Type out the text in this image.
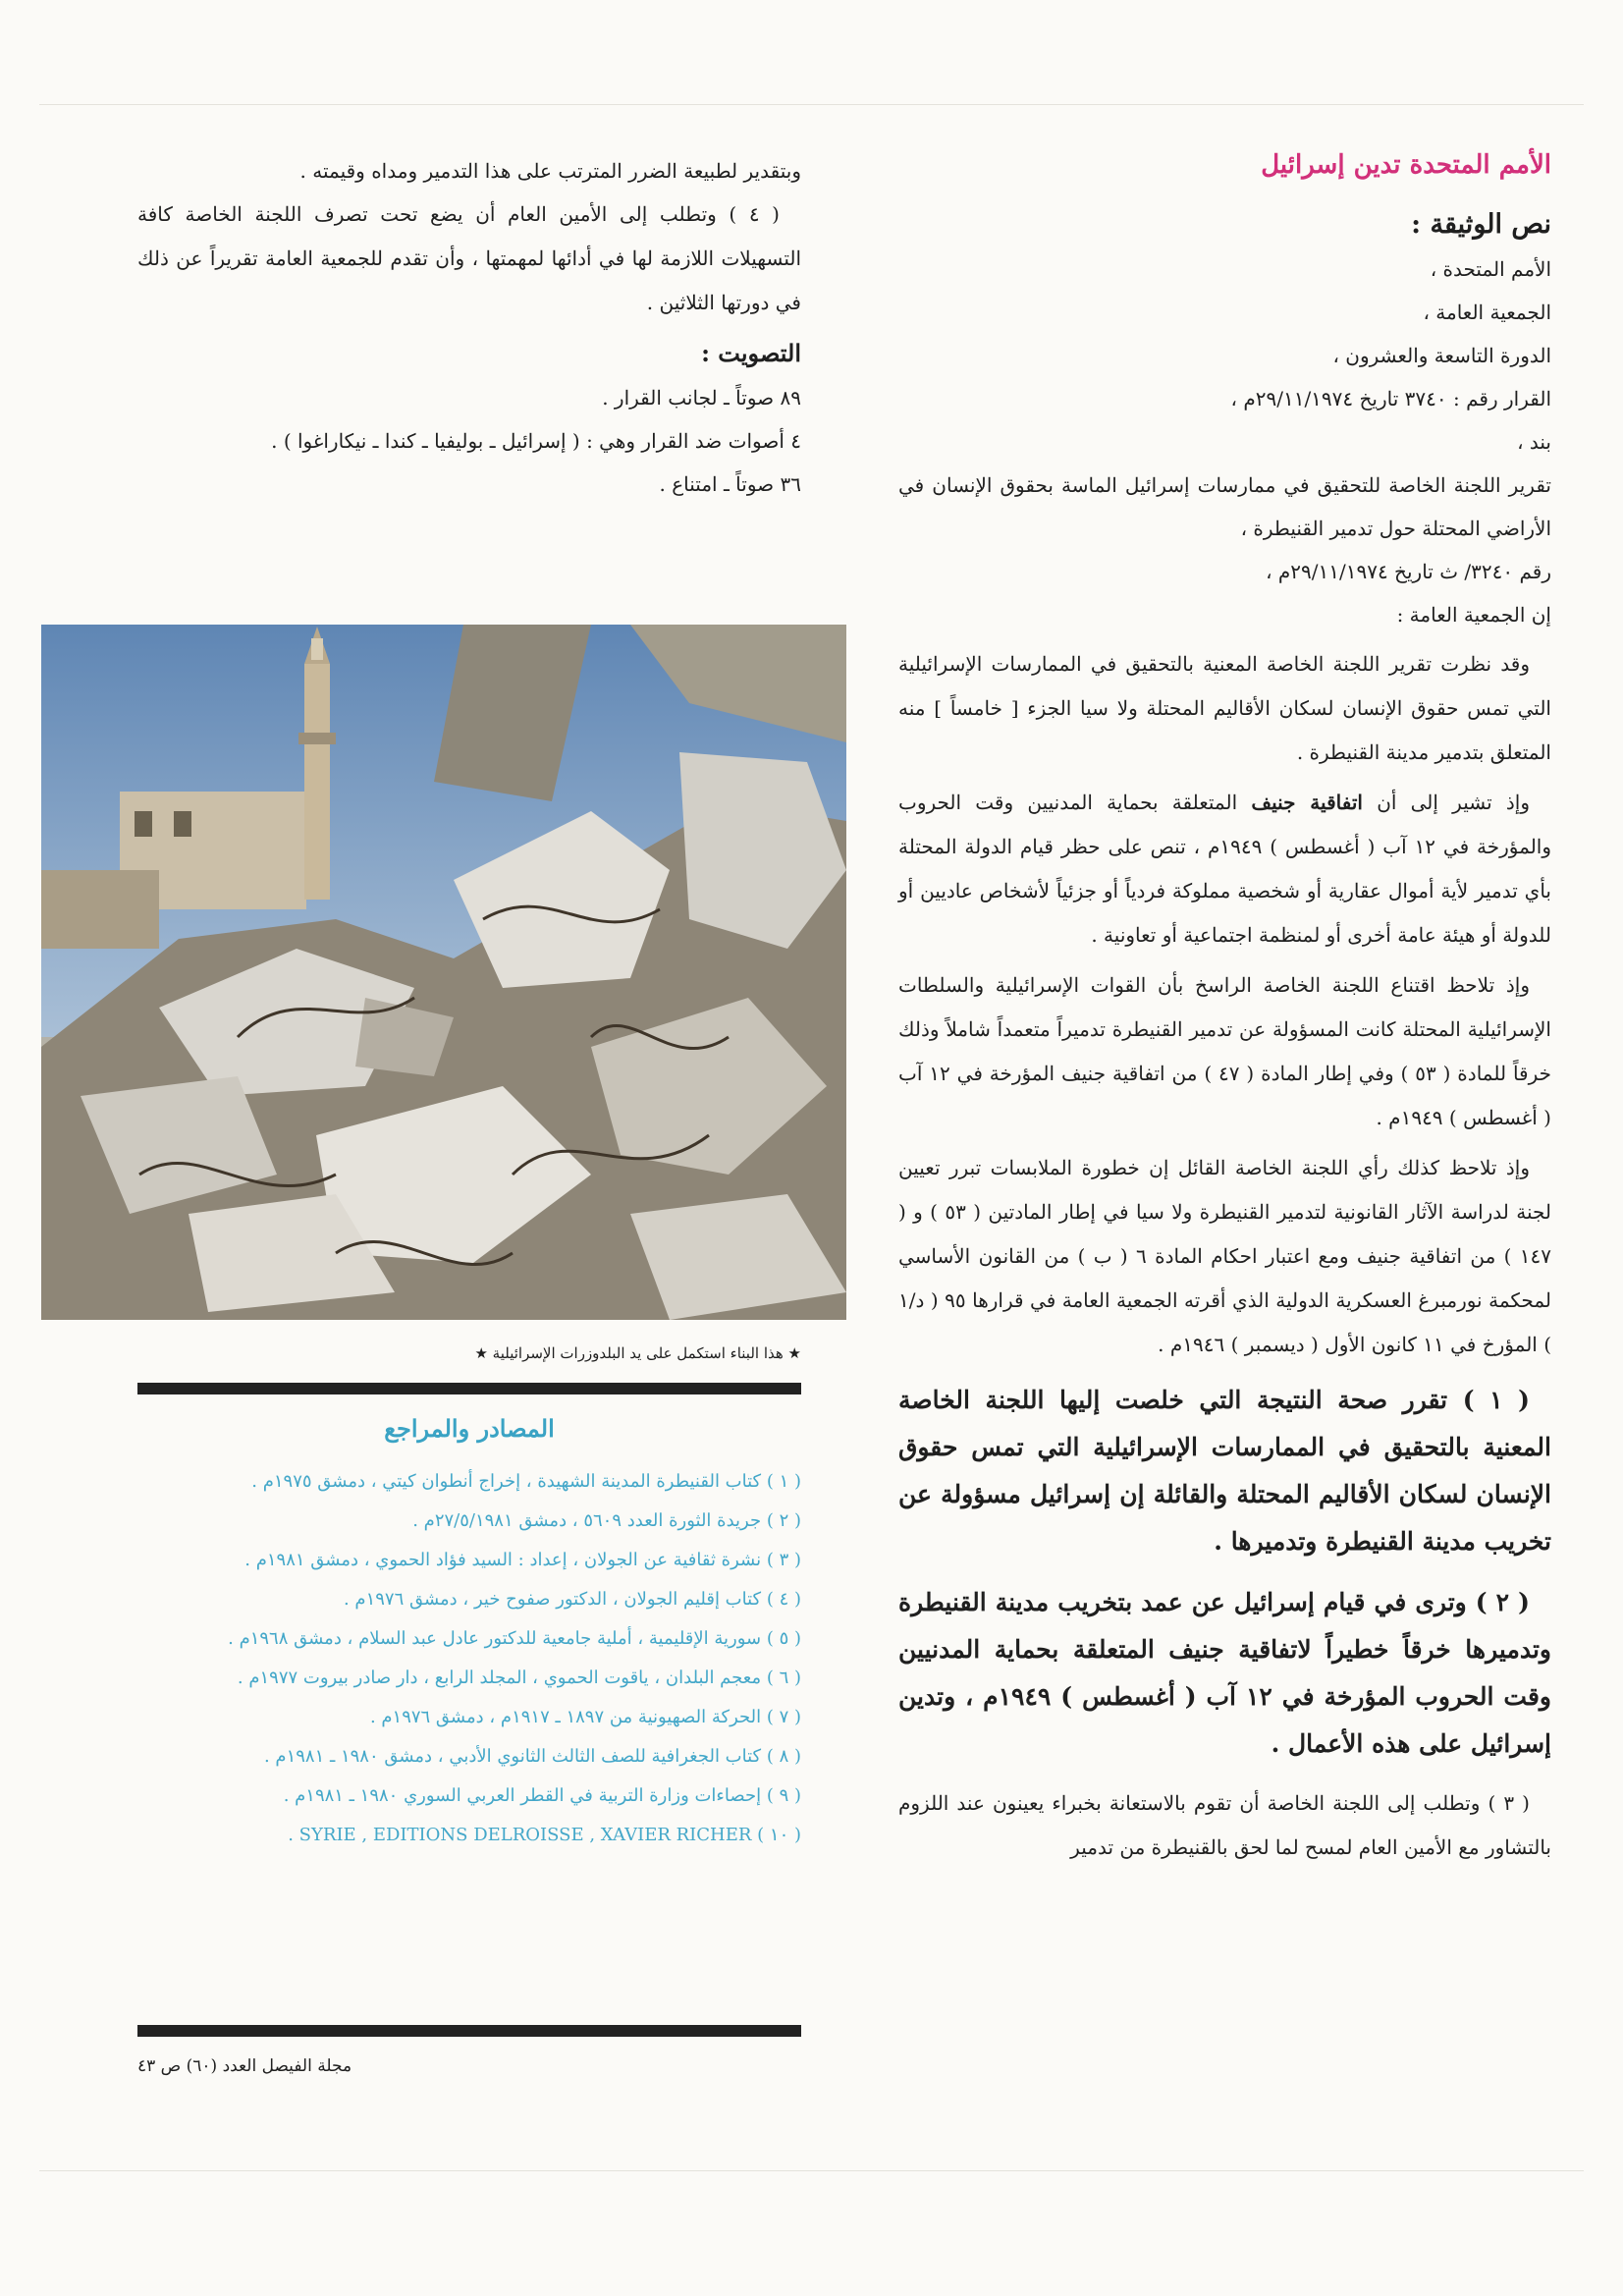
الأمم المتحدة تدين إسرائيل

نص الوثيقة :

الأمم المتحدة ،

الجمعية العامة ،

الدورة التاسعة والعشرون ،

القرار رقم : ٣٧٤٠ تاريخ ٢٩/١١/١٩٧٤م ،

بند ،

تقرير اللجنة الخاصة للتحقيق في ممارسات إسرائيل الماسة بحقوق الإنسان في الأراضي المحتلة حول تدمير القنيطرة ،

رقم ٣٢٤٠/ ث تاريخ ٢٩/١١/١٩٧٤م ،

إن الجمعية العامة :

وقد نظرت تقرير اللجنة الخاصة المعنية بالتحقيق في الممارسات الإسرائيلية التي تمس حقوق الإنسان لسكان الأقاليم المحتلة ولا سيا الجزء [ خامساً ] منه المتعلق بتدمير مدينة القنيطرة .

وإذ تشير إلى أن اتفاقية جنيف المتعلقة بحماية المدنيين وقت الحروب والمؤرخة في ١٢ آب ( أغسطس ) ١٩٤٩م ، تنص على حظر قيام الدولة المحتلة بأي تدمير لأية أموال عقارية أو شخصية مملوكة فردياً أو جزئياً لأشخاص عاديين أو للدولة أو هيئة عامة أخرى أو لمنظمة اجتماعية أو تعاونية .

وإذ تلاحظ اقتناع اللجنة الخاصة الراسخ بأن القوات الإسرائيلية والسلطات الإسرائيلية المحتلة كانت المسؤولة عن تدمير القنيطرة تدميراً متعمداً شاملاً وذلك خرقاً للمادة ( ٥٣ ) وفي إطار المادة ( ٤٧ ) من اتفاقية جنيف المؤرخة في ١٢ آب ( أغسطس ) ١٩٤٩م .

وإذ تلاحظ كذلك رأي اللجنة الخاصة القائل إن خطورة الملابسات تبرر تعيين لجنة لدراسة الآثار القانونية لتدمير القنيطرة ولا سيا في إطار المادتين ( ٥٣ ) و ( ١٤٧ ) من اتفاقية جنيف ومع اعتبار احكام المادة ٦ ( ب ) من القانون الأساسي لمحكمة نورمبرغ العسكرية الدولية الذي أقرته الجمعية العامة في قرارها ٩٥ ( د/١ ) المؤرخ في ١١ كانون الأول ( ديسمبر ) ١٩٤٦م .

( ١ ) تقرر صحة النتيجة التي خلصت إليها اللجنة الخاصة المعنية بالتحقيق في الممارسات الإسرائيلية التي تمس حقوق الإنسان لسكان الأقاليم المحتلة والقائلة إن إسرائيل مسؤولة عن تخريب مدينة القنيطرة وتدميرها .

( ٢ ) وترى في قيام إسرائيل عن عمد بتخريب مدينة القنيطرة وتدميرها خرقاً خطيراً لاتفاقية جنيف المتعلقة بحماية المدنيين وقت الحروب المؤرخة في ١٢ آب ( أغسطس ) ١٩٤٩م ، وتدين إسرائيل على هذه الأعمال .

( ٣ ) وتطلب إلى اللجنة الخاصة أن تقوم بالاستعانة بخبراء يعينون عند اللزوم بالتشاور مع الأمين العام لمسح لما لحق بالقنيطرة من تدمير

وبتقدير لطبيعة الضرر المترتب على هذا التدمير ومداه وقيمته .

( ٤ ) وتطلب إلى الأمين العام أن يضع تحت تصرف اللجنة الخاصة كافة التسهيلات اللازمة لها في أدائها لمهمتها ، وأن تقدم للجمعية العامة تقريراً عن ذلك في دورتها الثلاثين .

التصويت :

٨٩ صوتاً ـ لجانب القرار .

٤ أصوات ضد القرار وهي : ( إسرائيل ـ بوليفيا ـ كندا ـ نيكاراغوا ) .

٣٦ صوتاً ـ امتناع .

★ هذا البناء استكمل على يد البلدوزرات الإسرائيلية ★

المصادر والمراجع

( ١ ) كتاب القنيطرة المدينة الشهيدة ، إخراج أنطوان كيتي ، دمشق ١٩٧٥م .
( ٢ ) جريدة الثورة العدد ٥٦٠٩ ، دمشق ٢٧/٥/١٩٨١م .
( ٣ ) نشرة ثقافية عن الجولان ، إعداد : السيد فؤاد الحموي ، دمشق ١٩٨١م .
( ٤ ) كتاب إقليم الجولان ، الدكتور صفوح خير ، دمشق ١٩٧٦م .
( ٥ ) سورية الإقليمية ، أملية جامعية للدكتور عادل عبد السلام ، دمشق ١٩٦٨م .
( ٦ ) معجم البلدان ، ياقوت الحموي ، المجلد الرابع ، دار صادر بيروت ١٩٧٧م .
( ٧ ) الحركة الصهيونية من ١٨٩٧ ـ ١٩١٧م ، دمشق ١٩٧٦م .
( ٨ ) كتاب الجغرافية للصف الثالث الثانوي الأدبي ، دمشق ١٩٨٠ ـ ١٩٨١م .
( ٩ ) إحصاءات وزارة التربية في القطر العربي السوري ١٩٨٠ ـ ١٩٨١م .
( ١٠ ) SYRIE , EDITIONS DELROISSE , XAVIER RICHER .

مجلة الفيصل العدد (٦٠) ص ٤٣
